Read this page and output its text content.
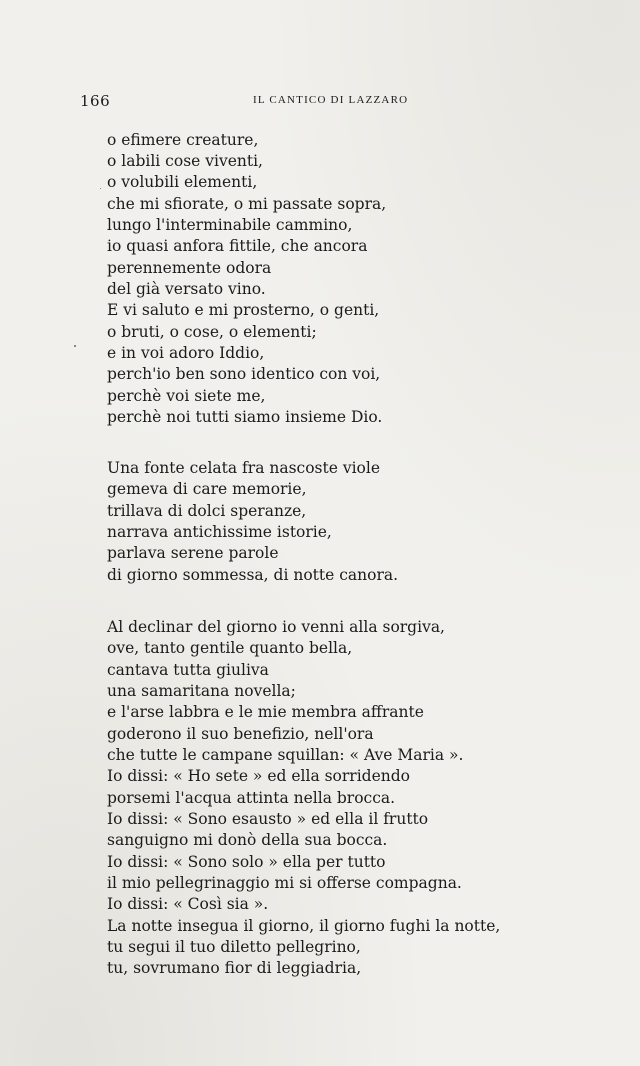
166	IL CANTICO DI LAZZARO
o efimere creature,
o labili cose viventi,
o volubili elementi,
che mi sfiorate, o mi passate sopra,
lungo l'interminabile cammino,
io quasi anfora fittile, che ancora
perennemente odora
del già versato vino.
E vi saluto e mi prosterno, o genti,
o bruti, o cose, o elementi;
e in voi adoro Iddio,
perch'io ben sono identico con voi,
perchè voi siete me,
perchè noi tutti siamo insieme Dio.
Una fonte celata fra nascoste viole
gemeva di care memorie,
trillava di dolci speranze,
narrava antichissime istorie,
parlava serene parole
di giorno sommessa, di notte canora.
Al declinar del giorno io venni alla sorgiva,
ove, tanto gentile quanto bella,
cantava tutta giuliva
una samaritana novella;
e l'arse labbra e le mie membra affrante
goderono il suo benefizio, nell'ora
che tutte le campane squillan: « Ave Maria ».
Io dissi: « Ho sete » ed ella sorridendo
porsemi l'acqua attinta nella brocca.
Io dissi: « Sono esausto » ed ella il frutto
sanguigno mi donò della sua bocca.
Io dissi: « Sono solo » ella per tutto
il mio pellegrinaggio mi si offerse compagna.
Io dissi: « Così sia ».
La notte insegua il giorno, il giorno fughi la notte,
tu segui il tuo diletto pellegrino,
tu, sovrumano fior di leggiadria,
